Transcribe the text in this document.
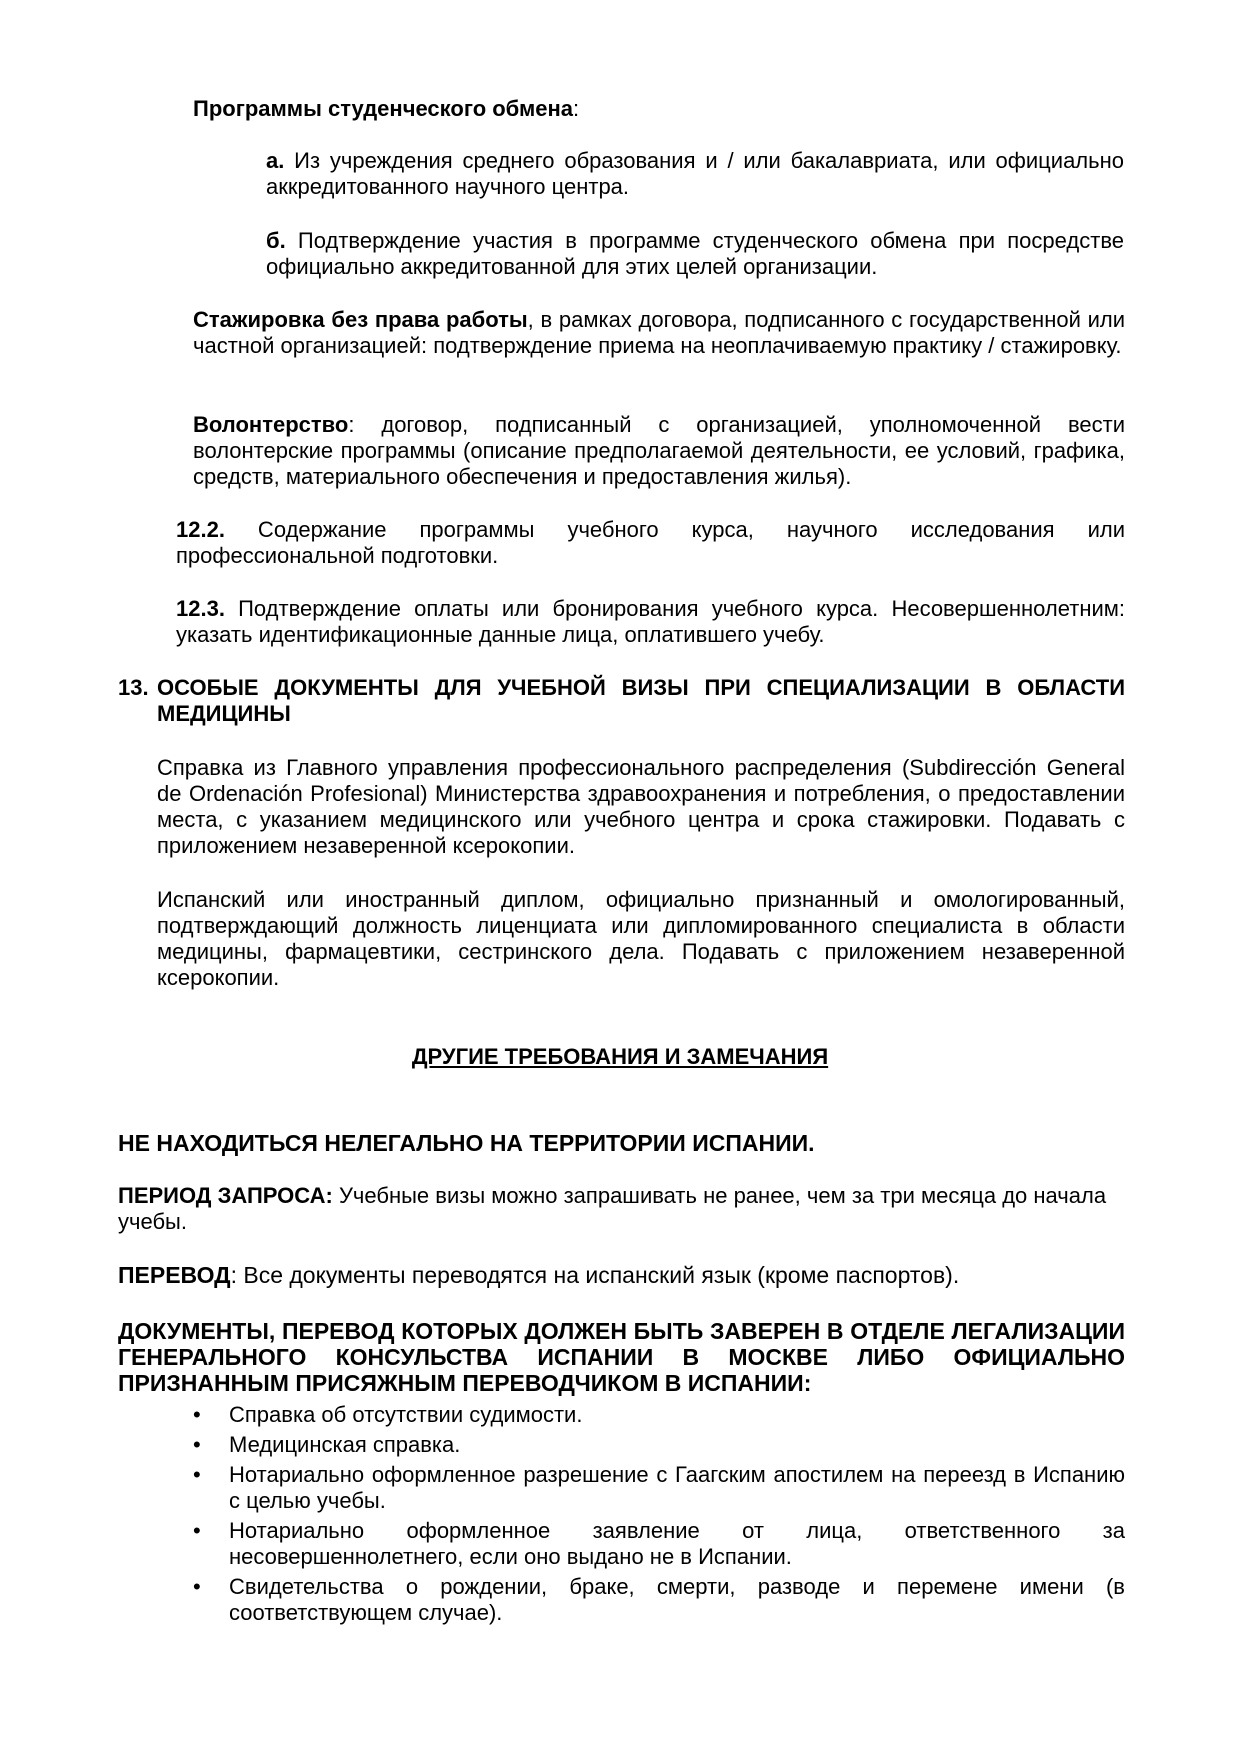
Программы студенческого обмена:

а. Из учреждения среднего образования и / или бакалавриата, или официально аккредитованного научного центра.

б. Подтверждение участия в программе студенческого обмена при посредстве официально аккредитованной для этих целей организации.

Стажировка без права работы, в рамках договора, подписанного с государственной или частной организацией: подтверждение приема на неоплачиваемую практику / стажировку.

Волонтерство: договор, подписанный с организацией, уполномоченной вести волонтерские программы (описание предполагаемой деятельности, ее условий, графика, средств, материального обеспечения и предоставления жилья).

12.2. Содержание программы учебного курса, научного исследования или профессиональной подготовки.

12.3. Подтверждение оплаты или бронирования учебного курса. Несовершеннолетним: указать идентификационные данные лица, оплатившего учебу.

13. ОСОБЫЕ ДОКУМЕНТЫ ДЛЯ УЧЕБНОЙ ВИЗЫ ПРИ СПЕЦИАЛИЗАЦИИ В ОБЛАСТИ МЕДИЦИНЫ

Справка из Главного управления профессионального распределения (Subdirección General de Ordenación Profesional) Министерства здравоохранения и потребления, о предоставлении места, с указанием медицинского или учебного центра и срока стажировки. Подавать с приложением незаверенной ксерокопии.

Испанский или иностранный диплом, официально признанный и омологированный, подтверждающий должность лиценциата или дипломированного специалиста в области медицины, фармацевтики, сестринского дела. Подавать с приложением незаверенной ксерокопии.

ДРУГИЕ ТРЕБОВАНИЯ И ЗАМЕЧАНИЯ

НЕ НАХОДИТЬСЯ НЕЛЕГАЛЬНО НА ТЕРРИТОРИИ ИСПАНИИ.

ПЕРИОД ЗАПРОСА: Учебные визы можно запрашивать не ранее, чем за три месяца до начала учебы.

ПЕРЕВОД: Все документы переводятся на испанский язык (кроме паспортов).

ДОКУМЕНТЫ, ПЕРЕВОД КОТОРЫХ ДОЛЖЕН БЫТЬ ЗАВЕРЕН В ОТДЕЛЕ ЛЕГАЛИЗАЦИИ ГЕНЕРАЛЬНОГО КОНСУЛЬСТВА ИСПАНИИ В МОСКВЕ ЛИБО ОФИЦИАЛЬНО ПРИЗНАННЫМ ПРИСЯЖНЫМ ПЕРЕВОДЧИКОМ В ИСПАНИИ:

•	Справка об отсутствии судимости.
•	Медицинская справка.
•	Нотариально оформленное разрешение с Гаагским апостилем на переезд в Испанию с целью учебы.
•	Нотариально оформленное заявление от лица, ответственного за несовершеннолетнего, если оно выдано не в Испании.
•	Свидетельства о рождении, браке, смерти, разводе и перемене имени (в соответствующем случае).
